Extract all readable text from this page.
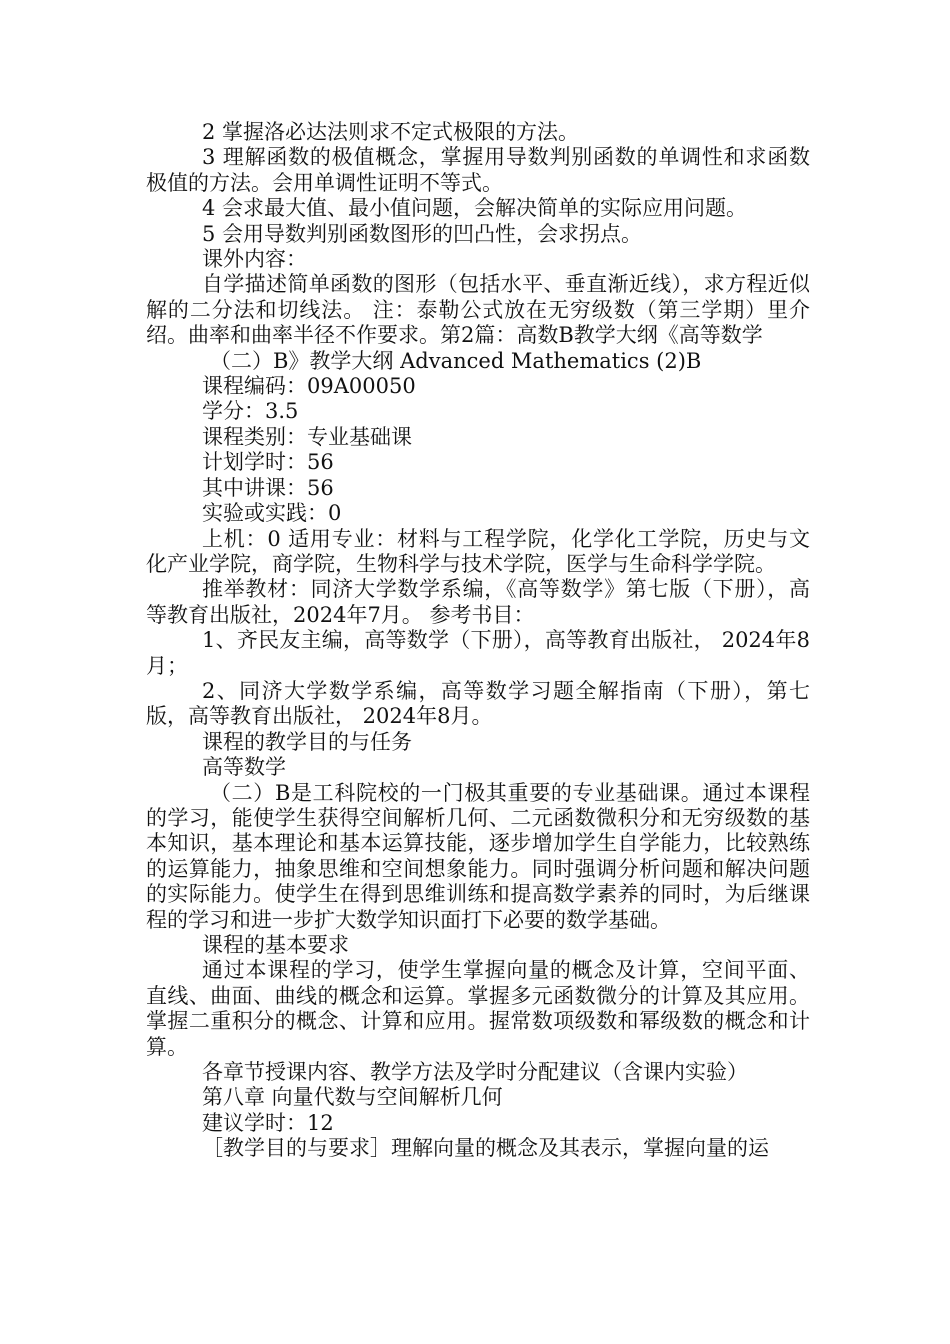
2 掌握洛必达法则求不定式极限的方法。

3 理解函数的极值概念，掌握用导数判别函数的单调性和求函数极值的方法。会用单调性证明不等式。

4 会求最大值、最小值问题，会解决简单的实际应用问题。

5 会用导数判别函数图形的凹凸性，会求拐点。

课外内容：

自学描述简单函数的图形（包括水平、垂直渐近线），求方程近似解的二分法和切线法。 注：泰勒公式放在无穷级数（第三学期）里介绍。曲率和曲率半径不作要求。第2篇：高数B教学大纲《高等数学

（二）B》教学大纲 Advanced Mathematics (2)B

课程编码：09A00050

学分：3.5

课程类别：专业基础课

计划学时：56

其中讲课：56

实验或实践：0

上机：0 适用专业：材料与工程学院，化学化工学院，历史与文化产业学院，商学院，生物科学与技术学院，医学与生命科学学院。

推举教材：同济大学数学系编，《高等数学》第七版（下册），高等教育出版社，2024年7月。 参考书目：

1、齐民友主编，高等数学（下册），高等教育出版社， 2024年8月；

2、同济大学数学系编，高等数学习题全解指南（下册），第七版，高等教育出版社， 2024年8月。

课程的教学目的与任务

高等数学

（二）B是工科院校的一门极其重要的专业基础课。通过本课程的学习，能使学生获得空间解析几何、二元函数微积分和无穷级数的基本知识，基本理论和基本运算技能，逐步增加学生自学能力，比较熟练的运算能力，抽象思维和空间想象能力。同时强调分析问题和解决问题的实际能力。使学生在得到思维训练和提高数学素养的同时，为后继课程的学习和进一步扩大数学知识面打下必要的数学基础。

课程的基本要求

通过本课程的学习，使学生掌握向量的概念及计算，空间平面、直线、曲面、曲线的概念和运算。掌握多元函数微分的计算及其应用。掌握二重积分的概念、计算和应用。握常数项级数和幂级数的概念和计算。

各章节授课内容、教学方法及学时分配建议（含课内实验）

第八章 向量代数与空间解析几何

建议学时：12

［教学目的与要求］理解向量的概念及其表示，掌握向量的运
